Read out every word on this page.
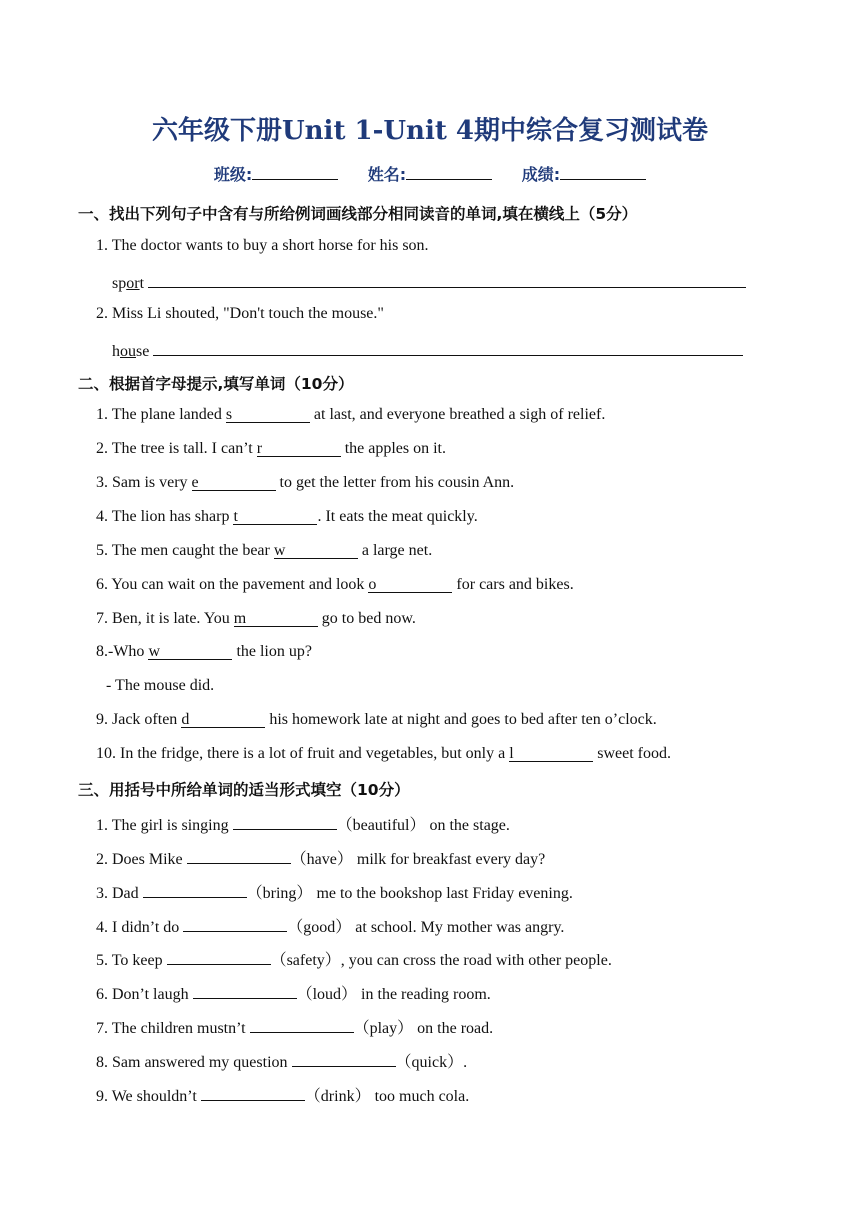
六年级下册Unit 1-Unit 4期中综合复习测试卷
班级:	姓名:	成绩:
一、找出下列句子中含有与所给例词画线部分相同读音的单词,填在横线上（5分）
1. The doctor wants to buy a short horse for his son.
sport
2. Miss Li shouted, "Don't touch the mouse."
house
二、根据首字母提示,填写单词（10分）
1. The plane landed s	at last, and everyone breathed a sigh of relief.
2. The tree is tall. I can’t r	the apples on it.
3. Sam is very e	to get the letter from his cousin Ann.
4. The lion has sharp t	. It eats the meat quickly.
5. The men caught the bear w	a large net.
6. You can wait on the pavement and look o	for cars and bikes.
7. Ben, it is late. You m	go to bed now.
8.-Who w	the lion up?
- The mouse did.
9. Jack often d	his homework late at night and goes to bed after ten o’clock.
10. In the fridge, there is a lot of fruit and vegetables, but only a l	sweet food.
三、用括号中所给单词的适当形式填空（10分）
1. The girl is singing	（beautiful） on the stage.
2. Does Mike	（have） milk for breakfast every day?
3. Dad	（bring） me to the bookshop last Friday evening.
4. I didn’t do	（good） at school. My mother was angry.
5. To keep	（safety）, you can cross the road with other people.
6. Don’t laugh	（loud） in the reading room.
7. The children mustn’t	（play） on the road.
8. Sam answered my question	（quick）.
9. We shouldn’t	（drink） too much cola.
